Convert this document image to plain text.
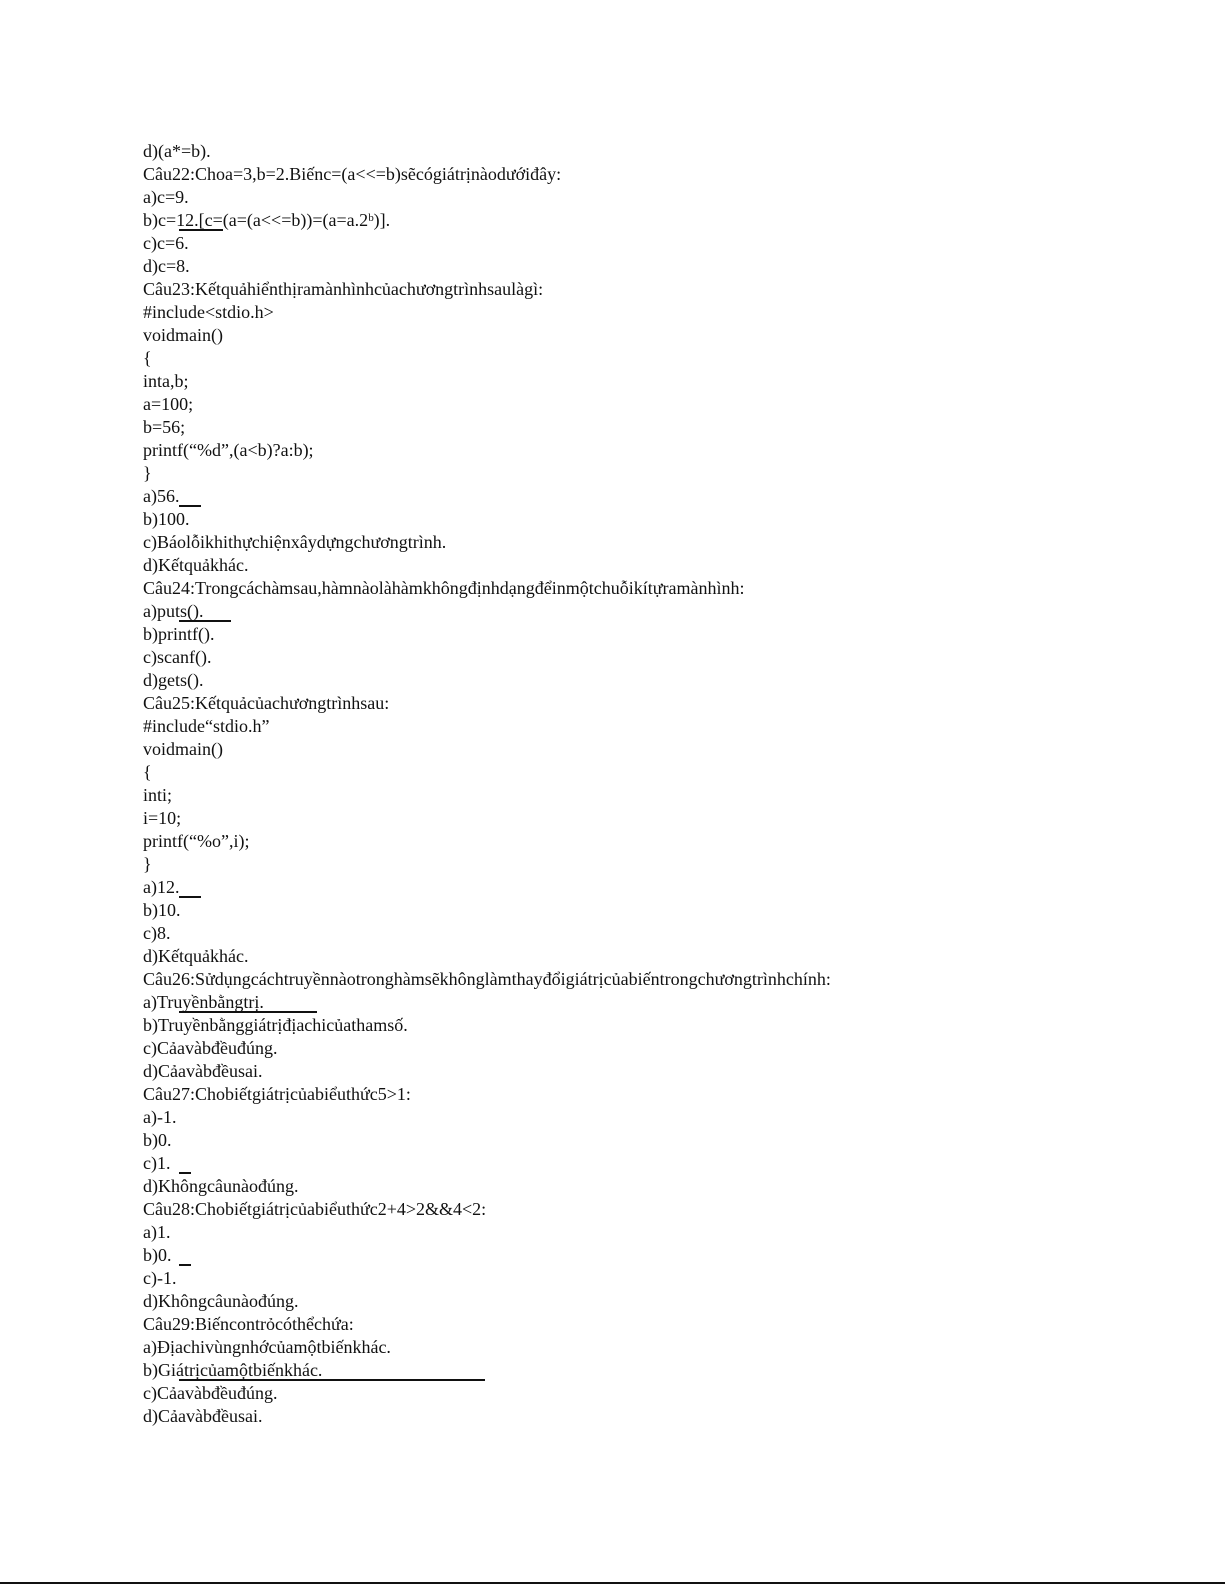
d)(a*=b).
Câu22:Choa=3,b=2.Biếnc=(a<<=b)sẽcógiátrịnàodướiđây:
a)c=9.
b)c=12.[c=(a=(a<<=b))=(a=a.2ᵇ)].
c)c=6.
d)c=8.
Câu23:Kếtquảhiểnthịramànhìnhcủachươngtrìnhsaulàgì:
#include<stdio.h>
voidmain()
{
inta,b;
a=100;
b=56;
printf(“%d”,(a<b)?a:b);
}
a)56.
b)100.
c)Báolỗikhithựchiệnxâydựngchươngtrình.
d)Kếtquảkhác.
Câu24:Trongcáchàmsau,hàmnàolàhàmkhôngđịnhdạngđểinmộtchuỗikítựramànhình:
a)puts().
b)printf().
c)scanf().
d)gets().
Câu25:Kếtquảcủachươngtrìnhsau:
#include“stdio.h”
voidmain()
{
inti;
i=10;
printf(“%o”,i);
}
a)12.
b)10.
c)8.
d)Kếtquảkhác.
Câu26:Sửdụngcáchtruyềnnàotronghàmsẽkhônglàmthayđổigiátrịcủabiếntrongchươngtrìnhchính:
a)Truyềnbằngtrị.
b)Truyềnbằnggiátrịđịachicủathamsố.
c)Cảavàbđềuđúng.
d)Cảavàbđềusai.
Câu27:Chobiếtgiátrịcủabiểuthức5>1:
a)-1.
b)0.
c)1.
d)Khôngcâunàođúng.
Câu28:Chobiếtgiátrịcủabiểuthức2+4>2&&4<2:
a)1.
b)0.
c)-1.
d)Khôngcâunàođúng.
Câu29:Biếncontrỏcóthểchứa:
a)Địachivùngnhớcủamộtbiếnkhác.
b)Giátrịcủamộtbiếnkhác.
c)Cảavàbđềuđúng.
d)Cảavàbđềusai.
